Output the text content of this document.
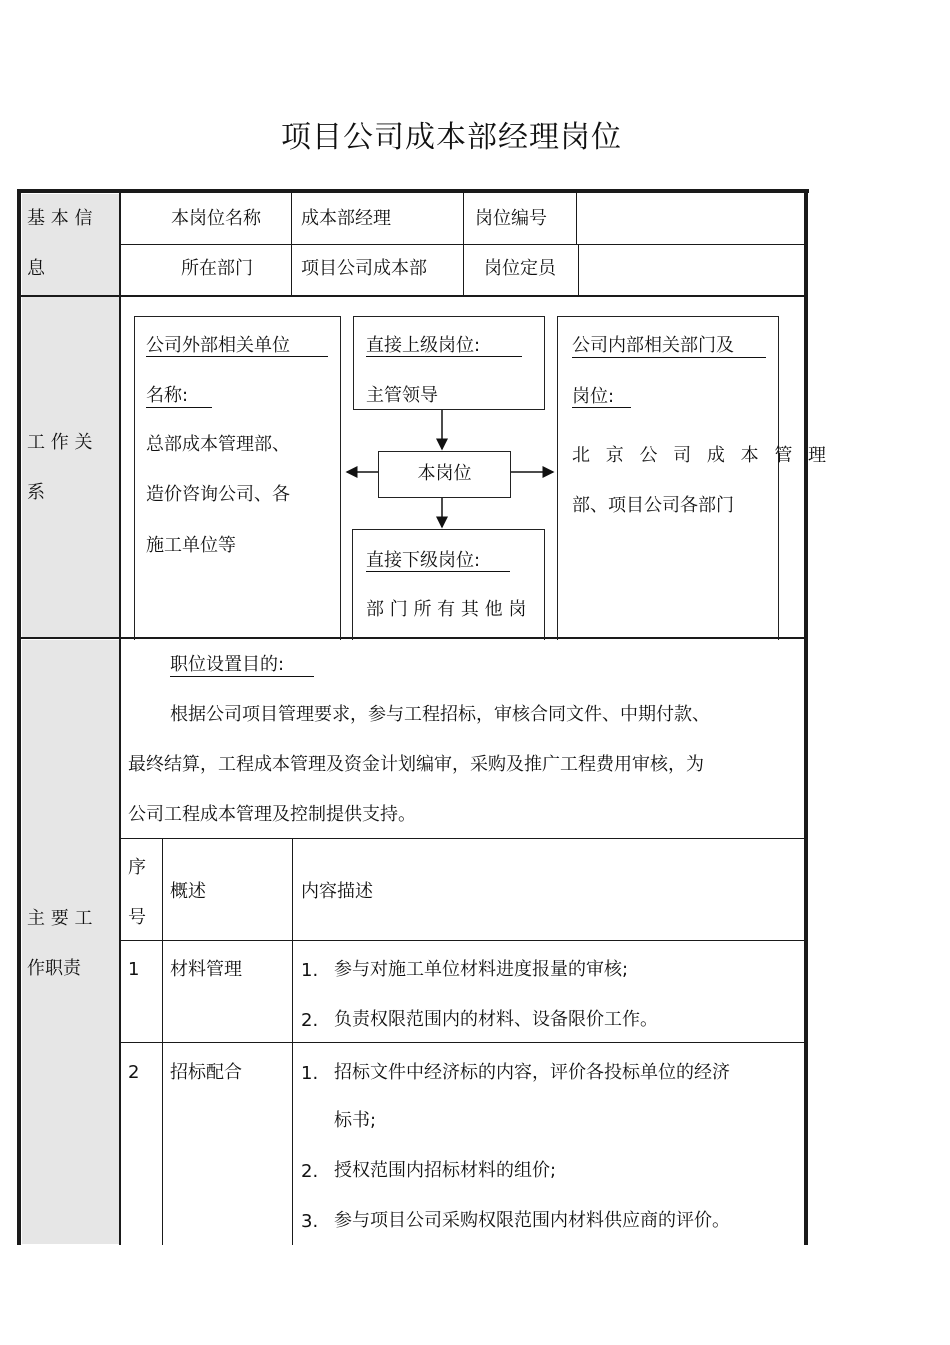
项目公司成本部经理岗位
基 本 信
息
本岗位名称 成本部经理	岗位编号
所在部门	项目公司成本部	岗位定员
工 作 关
系
公司外部相关单位
名称:
总部成本管理部、
造价咨询公司、各
施工单位等
直接上级岗位:
主管领导
本岗位
直接下级岗位:
部 门 所 有 其 他 岗
公司内部相关部门及
岗位:
北 京 公 司 成 本 管 理
部、项目公司各部门
主 要 工
作职责
职位设置目的:
根据公司项目管理要求，参与工程招标，审核合同文件、中期付款、
最终结算，工程成本管理及资金计划编审，采购及推广工程费用审核，为
公司工程成本管理及控制提供支持。
序
号
概述	内容描述
1 材料管理	1. 参与对施工单位材料进度报量的审核;
2. 负责权限范围内的材料、设备限价工作。
2 招标配合	1. 招标文件中经济标的内容，评价各投标单位的经济
标书;
2. 授权范围内招标材料的组价;
3. 参与项目公司采购权限范围内材料供应商的评价。
